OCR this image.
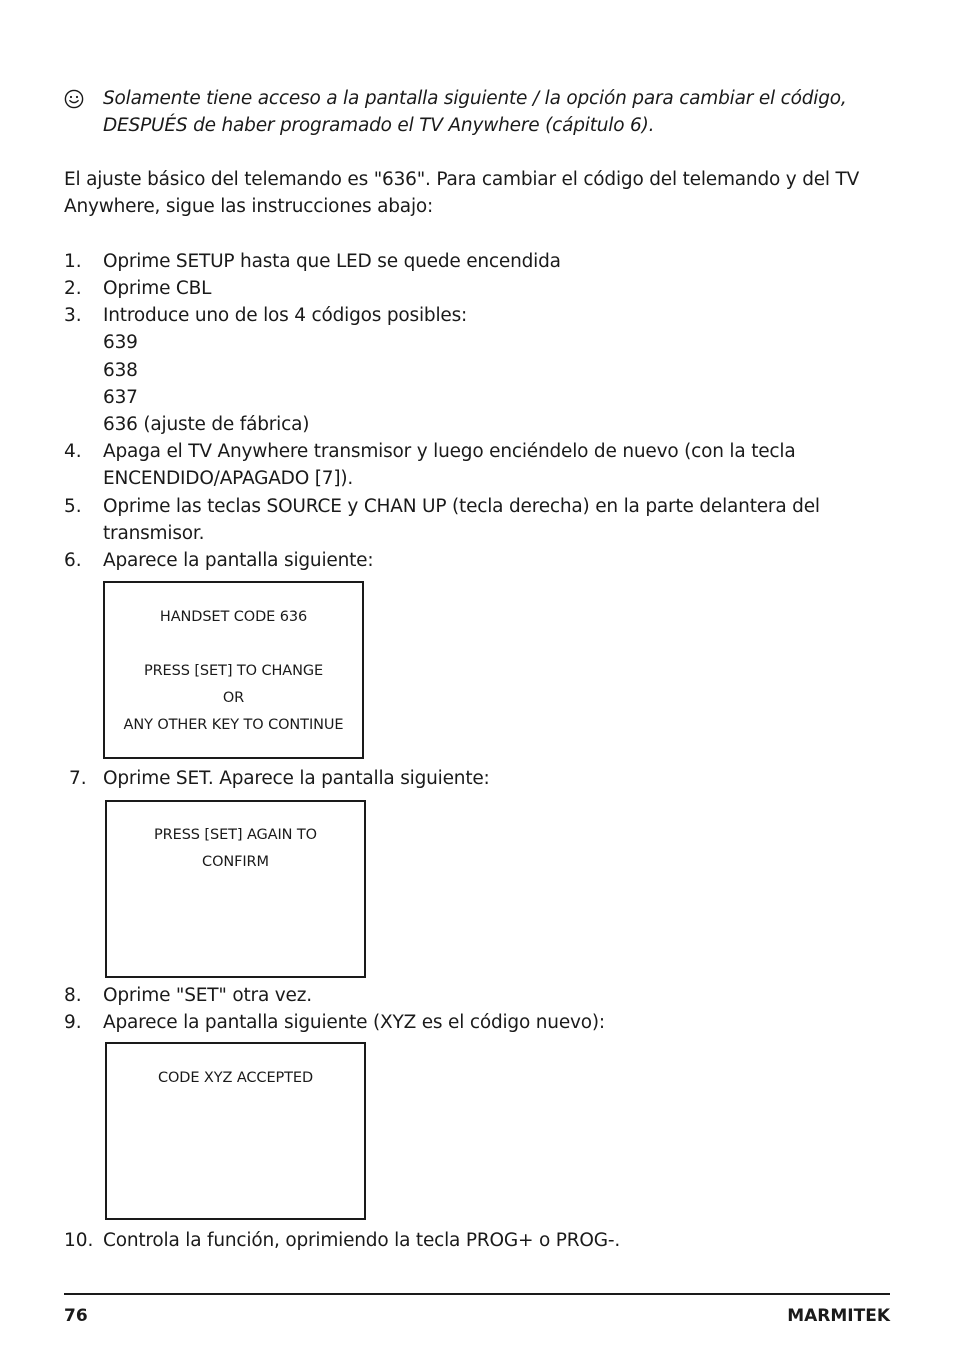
Solamente tiene acceso a la pantalla siguiente / la opción para cambiar el código,
DESPUÉS de haber programado el TV Anywhere (cápitulo 6).
El ajuste básico del telemando es "636". Para cambiar el código del telemando y del TV
Anywhere, sigue las instrucciones abajo:
1. Oprime SETUP hasta que LED se quede encendida
2. Oprime CBL
3. Introduce uno de los 4 códigos posibles:
639
638
637
636 (ajuste de fábrica)
4. Apaga el TV Anywhere transmisor y luego enciéndelo de nuevo (con la tecla
ENCENDIDO/APAGADO [7]).
5. Oprime las teclas SOURCE y CHAN UP (tecla derecha) en la parte delantera del
transmisor.
6. Aparece la pantalla siguiente:
HANDSET CODE 636
PRESS [SET] TO CHANGE
OR
ANY OTHER KEY TO CONTINUE
7. Oprime SET. Aparece la pantalla siguiente:
PRESS [SET] AGAIN TO
CONFIRM
8. Oprime "SET" otra vez.
9. Aparece la pantalla siguiente (XYZ es el código nuevo):
CODE XYZ ACCEPTED
10. Controla la función, oprimiendo la tecla PROG+ o PROG-.
76	MARMITEK
